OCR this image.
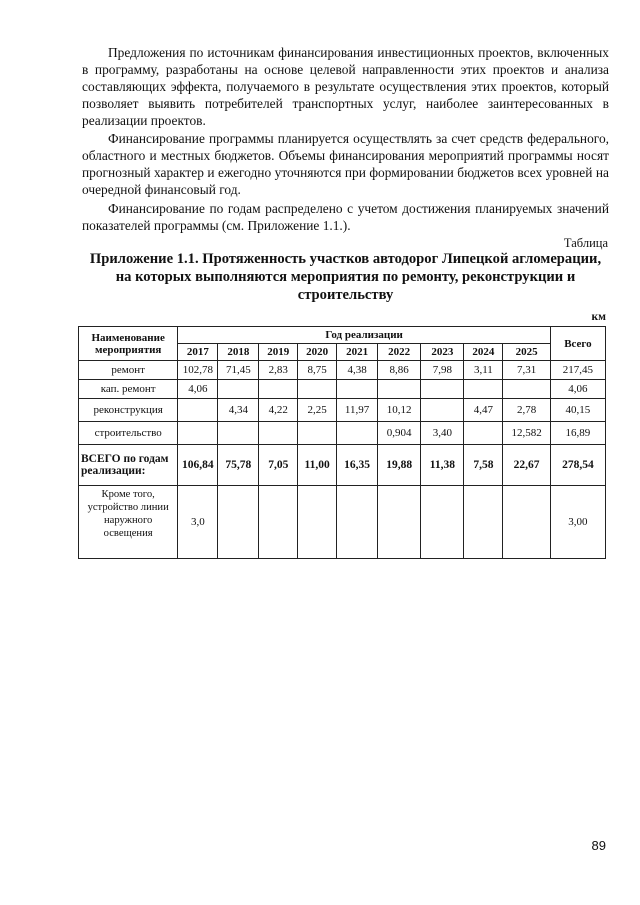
Предложения по источникам финансирования инвестиционных проектов, включенных в программу, разработаны на основе целевой направленности этих проектов и анализа составляющих эффекта, получаемого в результате осуществления этих проектов, который позволяет выявить потребителей транспортных услуг, наиболее заинтересованных в реализации проектов.

Финансирование программы планируется осуществлять за счет средств федерального, областного и местных бюджетов. Объемы финансирования мероприятий программы носят прогнозный характер и ежегодно уточняются при формировании бюджетов всех уровней на очередной финансовый год.

Финансирование по годам распределено с учетом достижения планируемых значений показателей программы (см. Приложение 1.1.).

Таблица

Приложение 1.1. Протяженность участков автодорог Липецкой агломерации, на которых выполняются мероприятия по ремонту, реконструкции и строительству

км
Наименование мероприятия	Год реализации									Всего
	2017	2018	2019	2020	2021	2022	2023	2024	2025	
ремонт	102,78	71,45	2,83	8,75	4,38	8,86	7,98	3,11	7,31	217,45
кап. ремонт	4,06									4,06
реконструкция		4,34	4,22	2,25	11,97	10,12		4,47	2,78	40,15
строительство						0,904	3,40		12,582	16,89
ВСЕГО по годам реализации:	106,84	75,78	7,05	11,00	16,35	19,88	11,38	7,58	22,67	278,54
Кроме того, устройство линии наружного освещения	3,0									3,00
89
